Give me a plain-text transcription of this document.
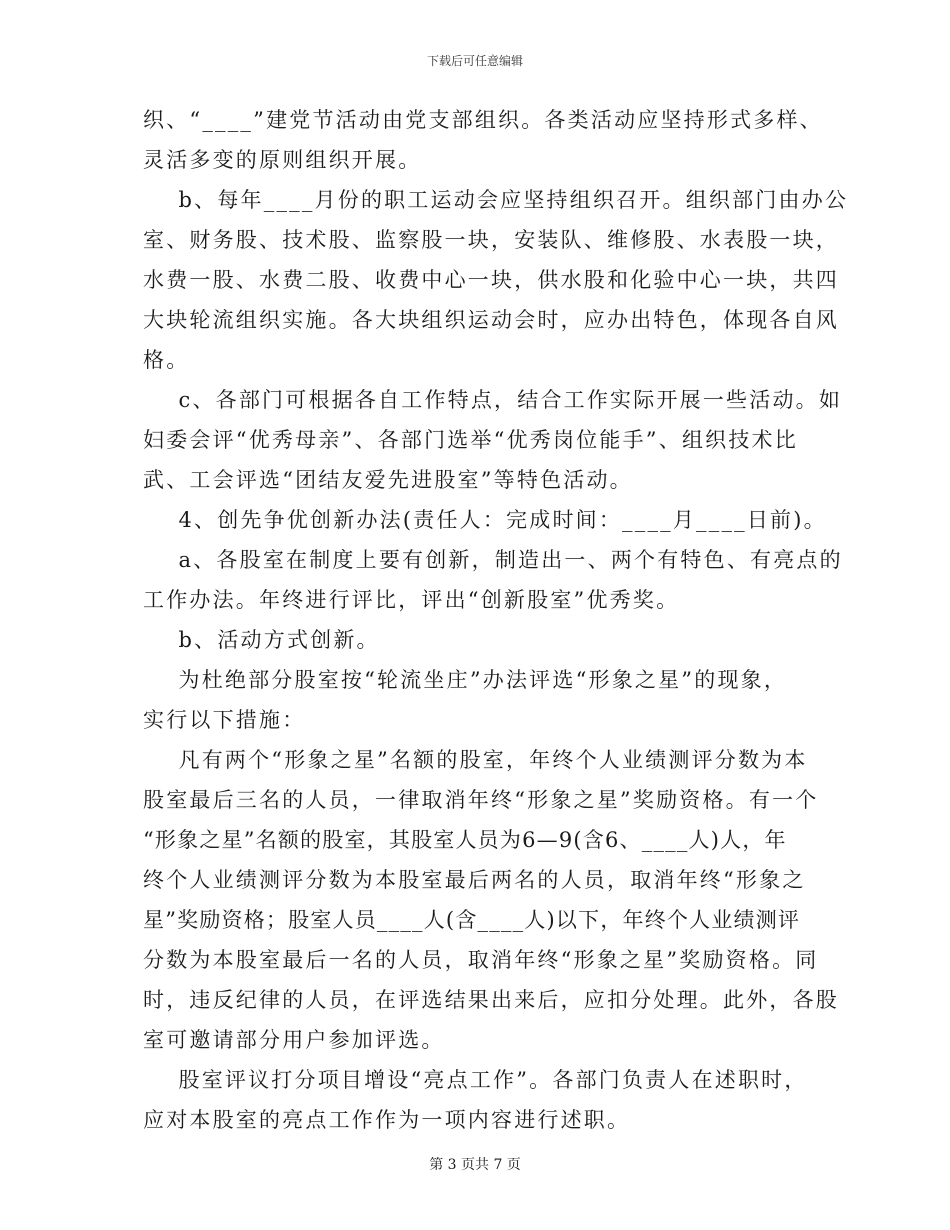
下载后可任意编辑

织、“____”建党节活动由党支部组织。各类活动应坚持形式多样、

灵活多变的原则组织开展。

b、每年____月份的职工运动会应坚持组织召开。组织部门由办公

室、财务股、技术股、监察股一块，安装队、维修股、水表股一块，

水费一股、水费二股、收费中心一块，供水股和化验中心一块，共四

大块轮流组织实施。各大块组织运动会时，应办出特色，体现各自风

格。

c、各部门可根据各自工作特点，结合工作实际开展一些活动。如

妇委会评“优秀母亲”、各部门选举“优秀岗位能手”、组织技术比

武、工会评选“团结友爱先进股室”等特色活动。

4、创先争优创新办法(责任人：完成时间：____月____日前)。

a、各股室在制度上要有创新，制造出一、两个有特色、有亮点的

工作办法。年终进行评比，评出“创新股室”优秀奖。

b、活动方式创新。

为杜绝部分股室按“轮流坐庄”办法评选“形象之星”的现象，

实行以下措施：

凡有两个“形象之星”名额的股室，年终个人业绩测评分数为本

股室最后三名的人员，一律取消年终“形象之星”奖励资格。有一个

“形象之星”名额的股室，其股室人员为6—9(含6、____人)人，年

终个人业绩测评分数为本股室最后两名的人员，取消年终“形象之

星”奖励资格；股室人员____人(含____人)以下，年终个人业绩测评

分数为本股室最后一名的人员，取消年终“形象之星”奖励资格。同

时，违反纪律的人员，在评选结果出来后，应扣分处理。此外，各股

室可邀请部分用户参加评选。

股室评议打分项目增设“亮点工作”。各部门负责人在述职时，

应对本股室的亮点工作作为一项内容进行述职。

第 3 页共 7 页
